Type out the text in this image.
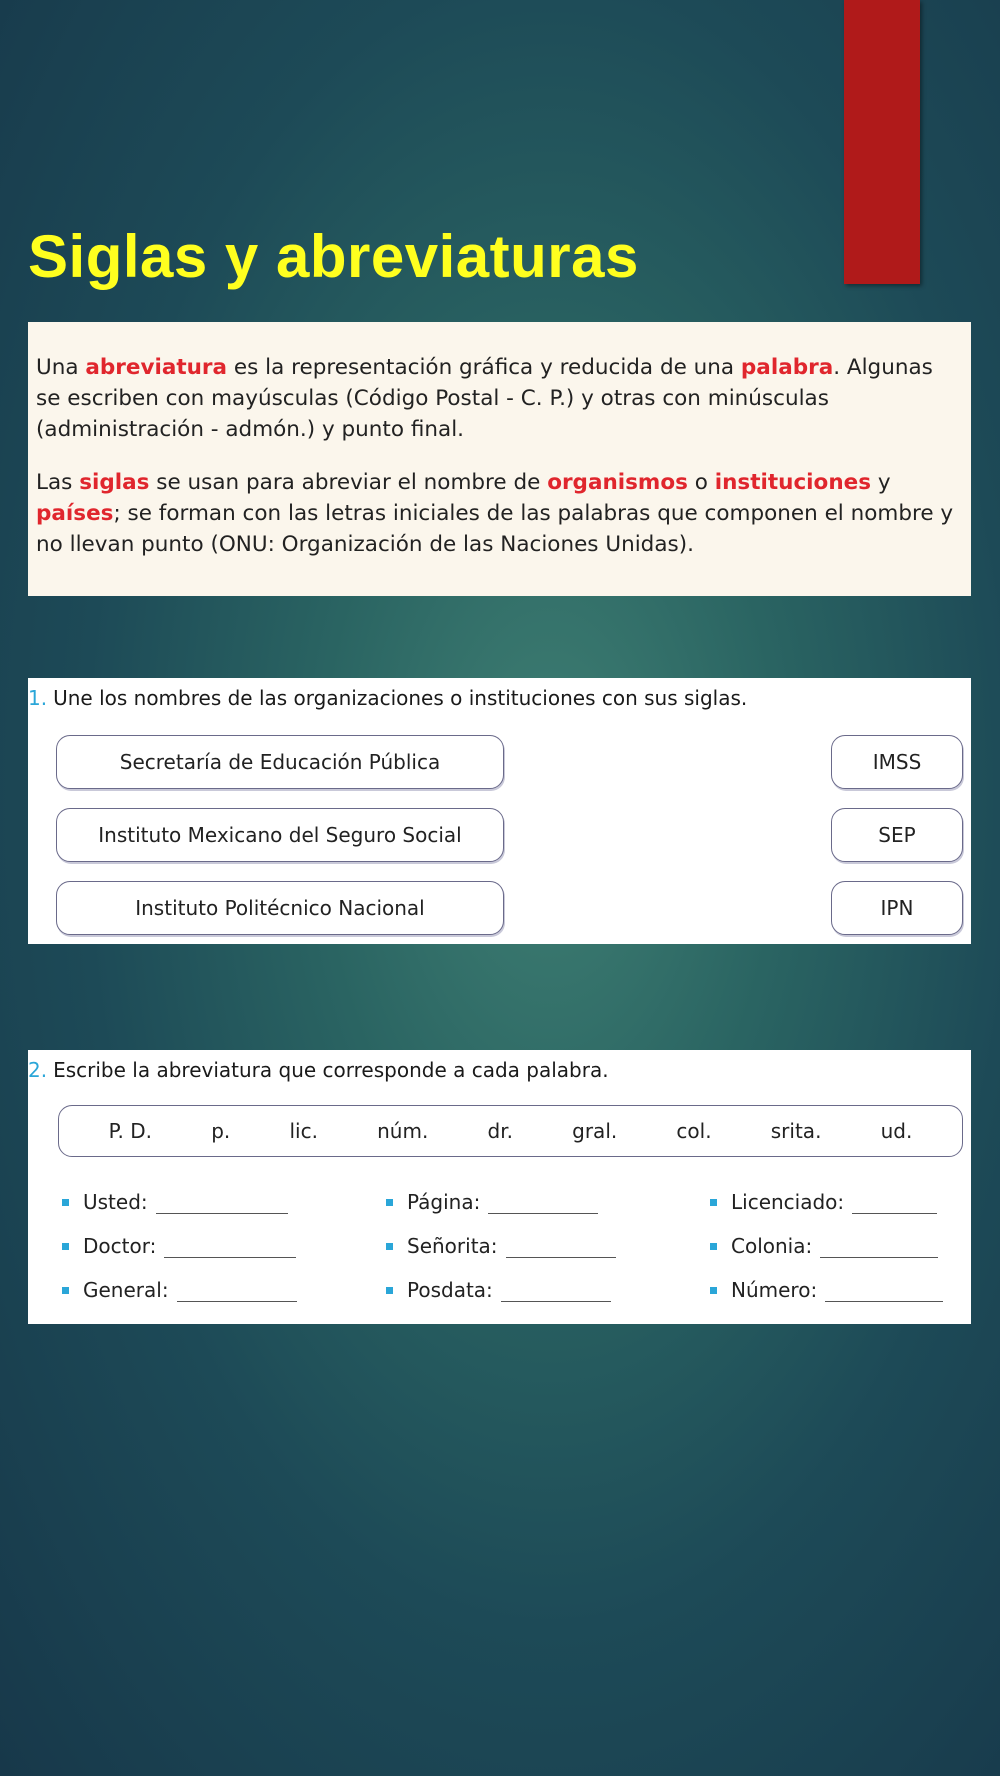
Siglas y abreviaturas

Una abreviatura es la representación gráfica y reducida de una palabra. Algunas se escriben con mayúsculas (Código Postal - C. P.) y otras con minúsculas (administración - admón.) y punto final.

Las siglas se usan para abreviar el nombre de organismos o instituciones y países; se forman con las letras iniciales de las palabras que componen el nombre y no llevan punto (ONU: Organización de las Naciones Unidas).

1. Une los nombres de las organizaciones o instituciones con sus siglas.
Secretaría de Educación Pública
Instituto Mexicano del Seguro Social
Instituto Politécnico Nacional
IMSS
SEP
IPN
2. Escribe la abreviatura que corresponde a cada palabra.
P. D.	p.	lic.	núm.	dr.	gral.	col.	srita.	ud.
Usted:	Página:	Licenciado:
Doctor:	Señorita:	Colonia:
General:	Posdata:	Número:
